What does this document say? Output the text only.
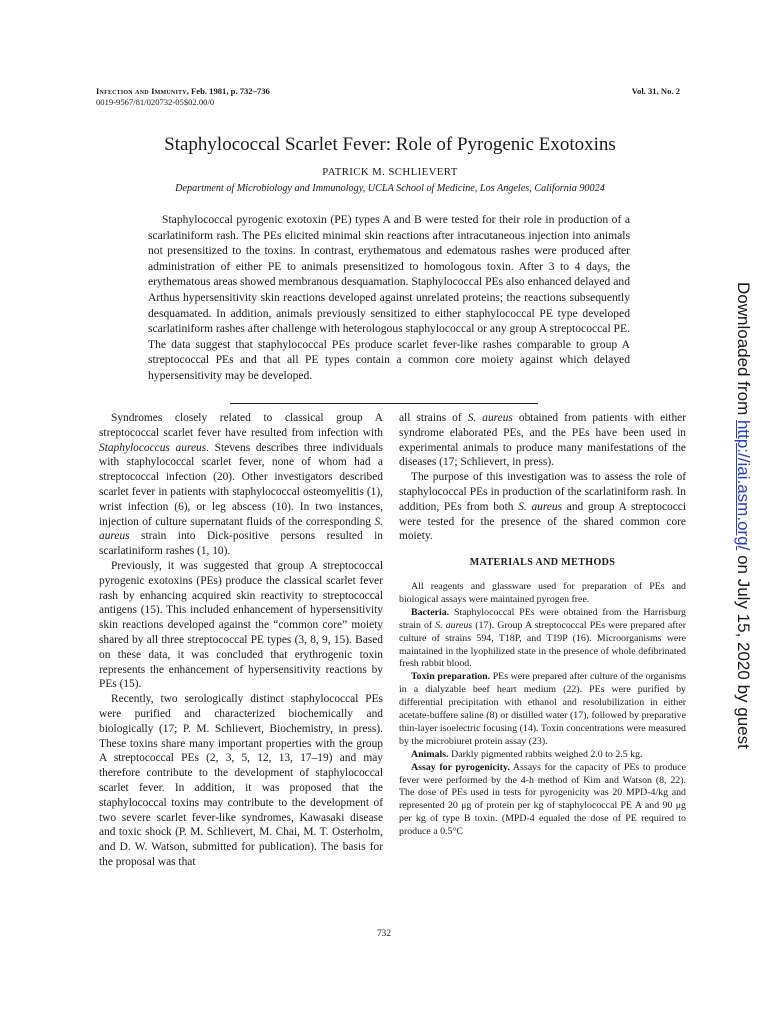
Infection and Immunity, Feb. 1981, p. 732–736
0019-9567/81/020732-05$02.00/0
Vol. 31, No. 2
Staphylococcal Scarlet Fever: Role of Pyrogenic Exotoxins
PATRICK M. SCHLIEVERT
Department of Microbiology and Immunology, UCLA School of Medicine, Los Angeles, California 90024

Staphylococcal pyrogenic exotoxin (PE) types A and B were tested for their role in production of a scarlatiniform rash. The PEs elicited minimal skin reactions after intracutaneous injection into animals not presensitized to the toxins. In contrast, erythematous and edematous rashes were produced after administration of either PE to animals presensitized to homologous toxin. After 3 to 4 days, the erythematous areas showed membranous desquamation. Staphylococcal PEs also enhanced delayed and Arthus hypersensitivity skin reactions developed against unrelated proteins; the reactions subsequently desquamated. In addition, animals previously sensitized to either staphylococcal PE type developed scarlatiniform rashes after challenge with heterologous staphylococcal or any group A streptococcal PE. The data suggest that staphylococcal PEs produce scarlet fever-like rashes comparable to group A streptococcal PEs and that all PE types contain a common core moiety against which delayed hypersensitivity may be developed.

Syndromes closely related to classical group A streptococcal scarlet fever have resulted from infection with Staphylococcus aureus. Stevens describes three individuals with staphylococcal scarlet fever, none of whom had a streptococcal infection (20). Other investigators described scarlet fever in patients with staphylococcal osteomyelitis (1), wrist infection (6), or leg abscess (10). In two instances, injection of culture supernatant fluids of the corresponding S. aureus strain into Dick-positive persons resulted in scarlatiniform rashes (1, 10).

Previously, it was suggested that group A streptococcal pyrogenic exotoxins (PEs) produce the classical scarlet fever rash by enhancing acquired skin reactivity to streptococcal antigens (15). This included enhancement of hypersensitivity skin reactions developed against the “common core” moiety shared by all three streptococcal PE types (3, 8, 9, 15). Based on these data, it was concluded that erythrogenic toxin represents the enhancement of hypersensitivity reactions by PEs (15).

Recently, two serologically distinct staphylococcal PEs were purified and characterized biochemically and biologically (17; P. M. Schlievert, Biochemistry, in press). These toxins share many important properties with the group A streptococcal PEs (2, 3, 5, 12, 13, 17–19) and may therefore contribute to the development of staphylococcal scarlet fever. In addition, it was proposed that the staphylococcal toxins may contribute to the development of two severe scarlet fever-like syndromes, Kawasaki disease and toxic shock (P. M. Schlievert, M. Chai, M. T. Osterholm, and D. W. Watson, submitted for publication). The basis for the proposal was that

all strains of S. aureus obtained from patients with either syndrome elaborated PEs, and the PEs have been used in experimental animals to produce many manifestations of the diseases (17; Schlievert, in press).

The purpose of this investigation was to assess the role of staphylococcal PEs in production of the scarlatiniform rash. In addition, PEs from both S. aureus and group A streptococci were tested for the presence of the shared common core moiety.

MATERIALS AND METHODS

All reagents and glassware used for preparation of PEs and biological assays were maintained pyrogen free.

Bacteria. Staphylococcal PEs were obtained from the Harrisburg strain of S. aureus (17). Group A streptococcal PEs were prepared after culture of strains 594, T18P, and T19P (16). Microorganisms were maintained in the lyophilized state in the presence of whole defibrinated fresh rabbit blood.

Toxin preparation. PEs were prepared after culture of the organisms in a dialyzable beef heart medium (22). PEs were purified by differential precipitation with ethanol and resolubilization in either acetate-buffere saline (8) or distilled water (17), followed by preparative thin-layer isoelectric focusing (14). Toxin concentrations were measured by the microbiuret protein assay (23).

Animals. Darkly pigmented rabbits weighed 2.0 to 2.5 kg.

Assay for pyrogenicity. Assays for the capacity of PEs to produce fever were performed by the 4-h method of Kim and Watson (8, 22). The dose of PEs used in tests for pyrogenicity was 20 MPD-4/kg and represented 20 μg of protein per kg of staphylococcal PE A and 90 μg per kg of type B toxin. (MPD-4 equaled the dose of PE required to produce a 0.5°C

732
Downloaded from http://iai.asm.org/ on July 15, 2020 by guest
